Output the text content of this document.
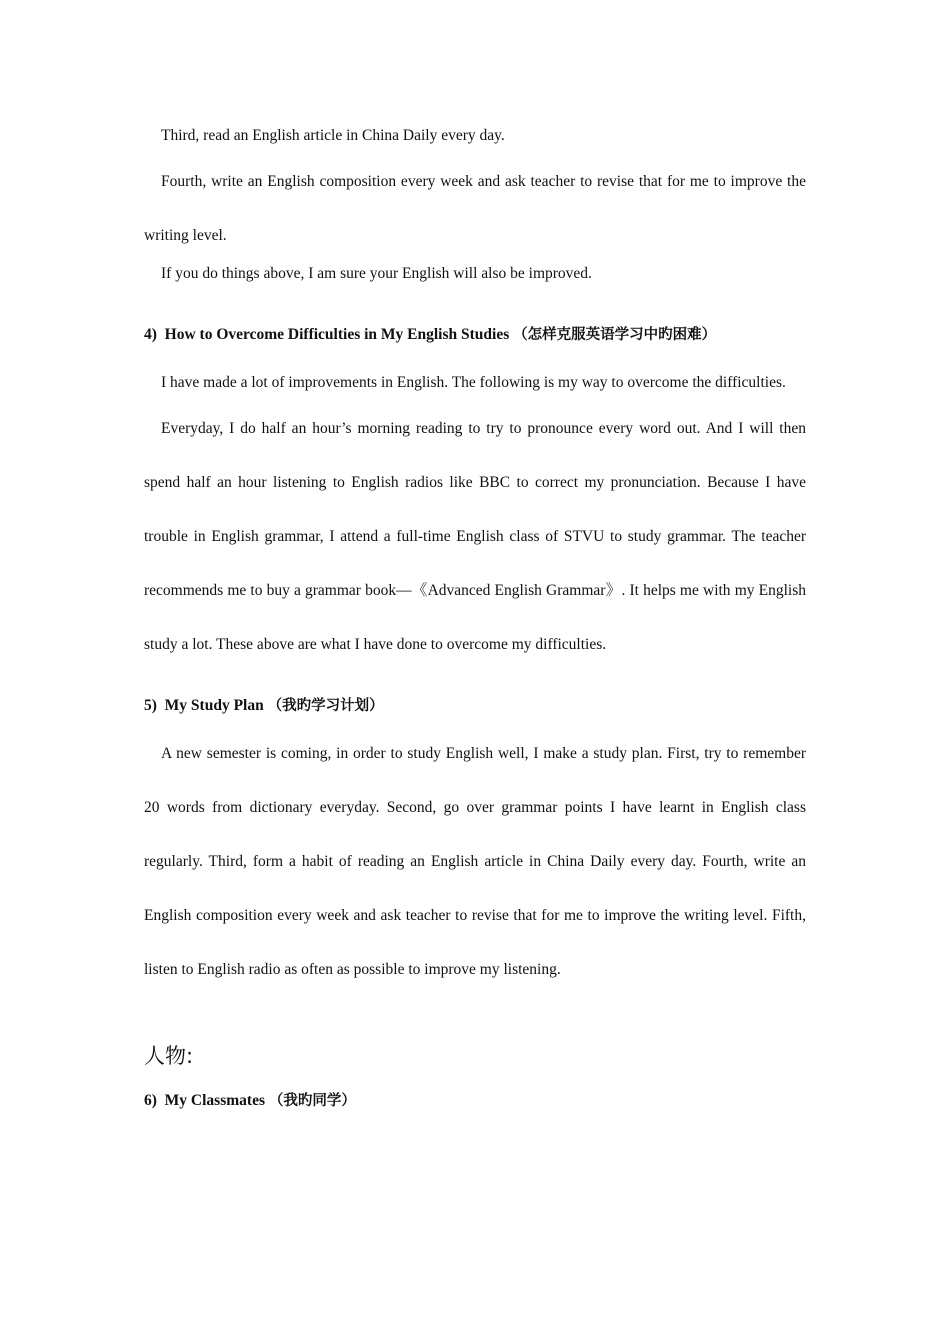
Third, read an English article in China Daily every day.

Fourth, write an English composition every week and ask teacher to revise that for me to improve the writing level.

If you do things above, I am sure your English will also be improved.

4) How to Overcome Difficulties in My English Studies （怎样克服英语学习中旳困难）

I have made a lot of improvements in English. The following is my way to overcome the difficulties.

Everyday, I do half an hour’s morning reading to try to pronounce every word out. And I will then spend half an hour listening to English radios like BBC to correct my pronunciation. Because I have trouble in English grammar, I attend a full-time English class of STVU to study grammar. The teacher recommends me to buy a grammar book—《Advanced English Grammar》. It helps me with my English study a lot. These above are what I have done to overcome my difficulties.

5) My Study Plan （我旳学习计划）

A new semester is coming, in order to study English well, I make a study plan. First, try to remember 20 words from dictionary everyday. Second, go over grammar points I have learnt in English class regularly. Third, form a habit of reading an English article in China Daily every day. Fourth, write an English composition every week and ask teacher to revise that for me to improve the writing level. Fifth, listen to English radio as often as possible to improve my listening.

人物:
6) My Classmates （我旳同学）
